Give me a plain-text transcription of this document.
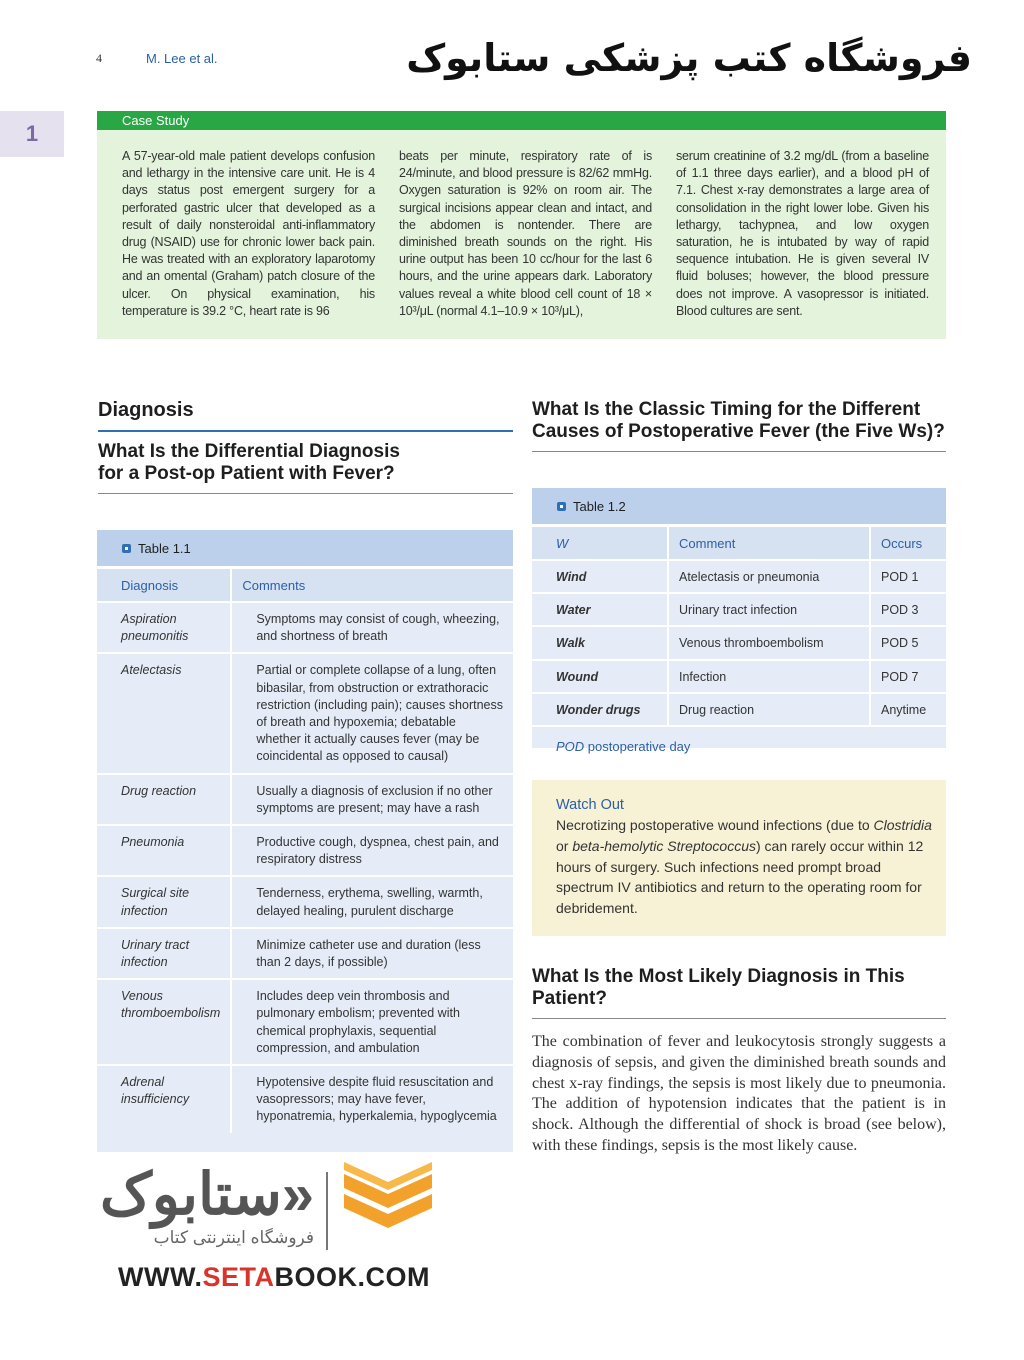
4	M. Lee et al.	فروشگاه کتب پزشکی ستابوک
1
Case Study
A 57-year-old male patient develops confusion and lethargy in the intensive care unit. He is 4 days status post emergent surgery for a perforated gastric ulcer that developed as a result of daily nonsteroidal anti-inflammatory drug (NSAID) use for chronic lower back pain. He was treated with an exploratory laparotomy and an omental (Graham) patch closure of the ulcer. On physical examination, his temperature is 39.2 °C, heart rate is 96
beats per minute, respiratory rate of is 24/minute, and blood pressure is 82/62 mmHg. Oxygen saturation is 92% on room air. The surgical incisions appear clean and intact, and the abdomen is nontender. There are diminished breath sounds on the right. His urine output has been 10 cc/hour for the last 6 hours, and the urine appears dark. Laboratory values reveal a white blood cell count of 18 × 10³/μL (normal 4.1–10.9 × 10³/μL),
serum creatinine of 3.2 mg/dL (from a baseline of 1.1 three days earlier), and a blood pH of 7.1. Chest x-ray demonstrates a large area of consolidation in the right lower lobe. Given his lethargy, tachypnea, and low oxygen saturation, he is intubated by way of rapid sequence intubation. He is given several IV fluid boluses; however, the blood pressure does not improve. A vasopressor is initiated. Blood cultures are sent.
Diagnosis
What Is the Differential Diagnosis for a Post-op Patient with Fever?
Table 1.1
Diagnosis	Comments
Aspiration pneumonitis	Symptoms may consist of cough, wheezing, and shortness of breath
Atelectasis	Partial or complete collapse of a lung, often bibasilar, from obstruction or extrathoracic restriction (including pain); causes shortness of breath and hypoxemia; debatable whether it actually causes fever (may be coincidental as opposed to causal)
Drug reaction	Usually a diagnosis of exclusion if no other symptoms are present; may have a rash
Pneumonia	Productive cough, dyspnea, chest pain, and respiratory distress
Surgical site infection	Tenderness, erythema, swelling, warmth, delayed healing, purulent discharge
Urinary tract infection	Minimize catheter use and duration (less than 2 days, if possible)
Venous thromboembolism	Includes deep vein thrombosis and pulmonary embolism; prevented with chemical prophylaxis, sequential compression, and ambulation
Adrenal insufficiency	Hypotensive despite fluid resuscitation and vasopressors; may have fever, hyponatremia, hyperkalemia, hypoglycemia
What Is the Classic Timing for the Different Causes of Postoperative Fever (the Five Ws)?
Table 1.2
W	Comment	Occurs
Wind	Atelectasis or pneumonia	POD 1
Water	Urinary tract infection	POD 3
Walk	Venous thromboembolism	POD 5
Wound	Infection	POD 7
Wonder drugs	Drug reaction	Anytime
POD postoperative day
Watch Out
Necrotizing postoperative wound infections (due to Clostridia or beta-hemolytic Streptococcus) can rarely occur within 12 hours of surgery. Such infections need prompt broad spectrum IV antibiotics and return to the operating room for debridement.
What Is the Most Likely Diagnosis in This Patient?
The combination of fever and leukocytosis strongly suggests a diagnosis of sepsis, and given the diminished breath sounds and chest x-ray findings, the sepsis is most likely due to pneumonia. The addition of hypotension indicates that the patient is in shock. Although the differential of shock is broad (see below), with these findings, sepsis is the most likely cause.
«ستابوک
فروشگاه اینترنتی کتاب
WWW.SETABOOK.COM
